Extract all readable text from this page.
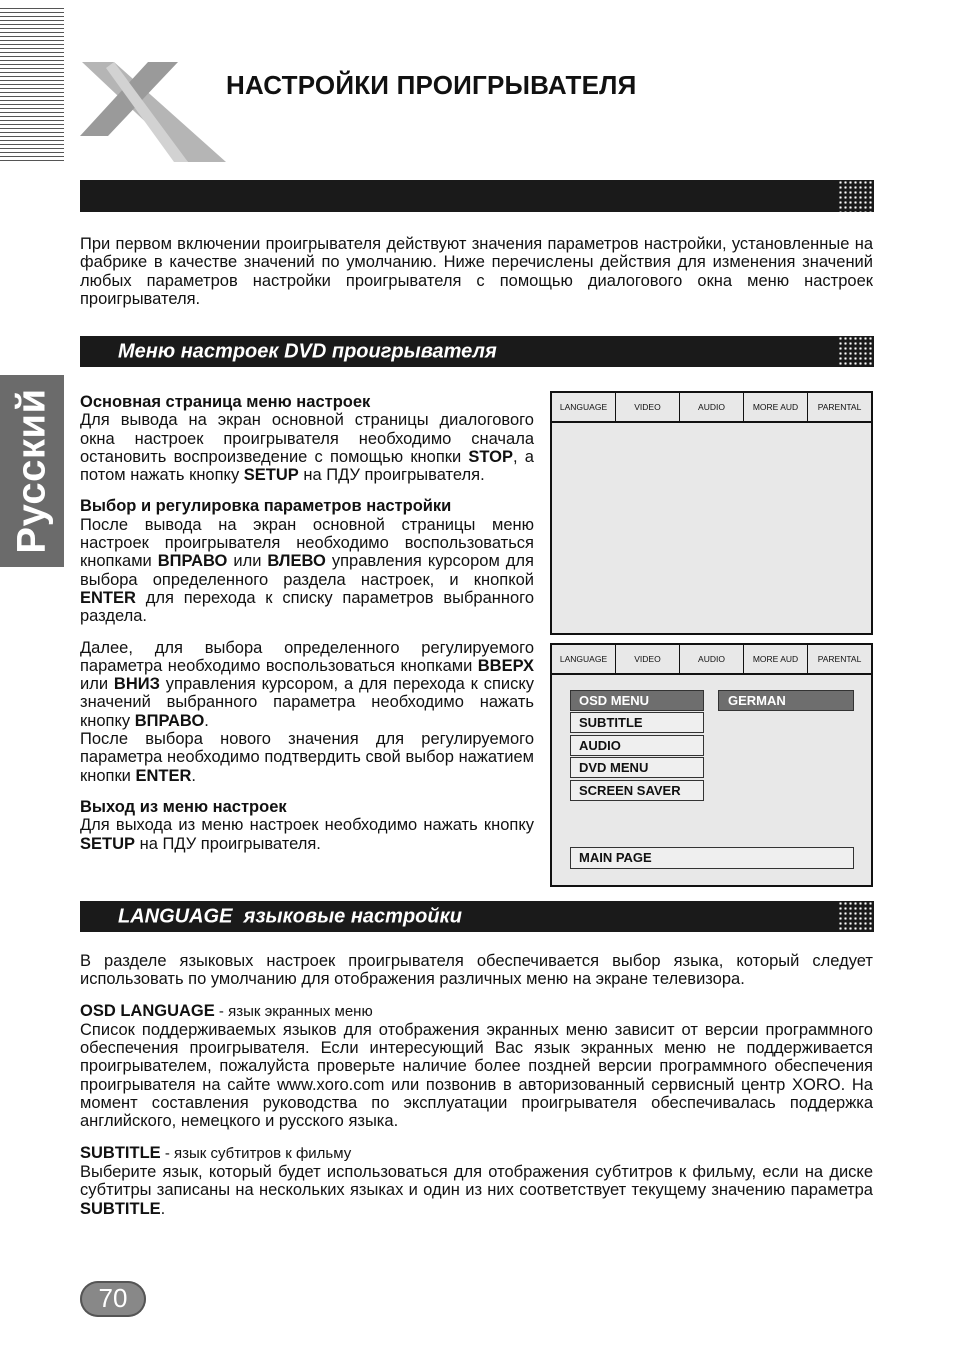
НАСТРОЙКИ ПРОИГРЫВАТЕЛЯ
Русский

При первом включении проигрывателя действуют значения параметров настройки, установленные на фабрике в качестве значений по умолчанию. Ниже перечислены действия для изменения значений любых параметров настройки проигрывателя с помощью диалогового окна меню настроек проигрывателя.

Меню настроек DVD проигрывателя

Основная страница меню настроек
Для вывода на экран основной страницы диалогового окна настроек проигрывателя необходимо сначала остановить воспроизведение с помощью кнопки STOP, а потом нажать кнопку SETUP на ПДУ проигрывателя.

Выбор и регулировка параметров настройки
После вывода на экран основной страницы меню настроек проигрывателя необходимо воспользоваться кнопками ВПРАВО или ВЛЕВО управления курсором для выбора определенного раздела настроек, и кнопкой ENTER для перехода к списку параметров выбранного раздела.

Далее, для выбора определенного регулируемого параметра необходимо воспользоваться кнопками ВВЕРХ или ВНИЗ управления курсором, а для перехода к списку значений выбранного параметра необходимо нажать кнопку ВПРАВО.
После выбора нового значения для регулируемого параметра необходимо подтвердить свой выбор нажатием кнопки ENTER.

Выход из меню настроек
Для выхода из меню настроек необходимо нажать кнопку SETUP на ПДУ проигрывателя.

LANGUAGE	VIDEO	AUDIO	MORE AUD	PARENTAL
LANGUAGE	VIDEO	AUDIO	MORE AUD	PARENTAL
OSD MENU
SUBTITLE
AUDIO
DVD MENU
SCREEN SAVER
GERMAN
MAIN PAGE
LANGUAGE языковые настройки

В разделе языковых настроек проигрывателя обеспечивается выбор языка, который следует использовать по умолчанию для отображения различных меню на экране телевизора.

OSD LANGUAGE - язык экранных меню
Список поддерживаемых языков для отображения экранных меню зависит от версии программного обеспечения проигрывателя. Если интересующий Вас язык экранных меню не поддерживается проигрывателем, пожалуйста проверьте наличие более поздней версии программного обеспечения проигрывателя на сайте www.xoro.com или позвонив в авторизованный сервисный центр XORO. На момент составления руководства по эксплуатации проигрывателя обеспечивалась поддержка английского, немецкого и русского языка.

SUBTITLE - язык субтитров к фильму
Выберите язык, который будет использоваться для отображения субтитров к фильму, если на диске субтитры записаны на нескольких языках и один из них соответствует текущему значению параметра SUBTITLE.

70
